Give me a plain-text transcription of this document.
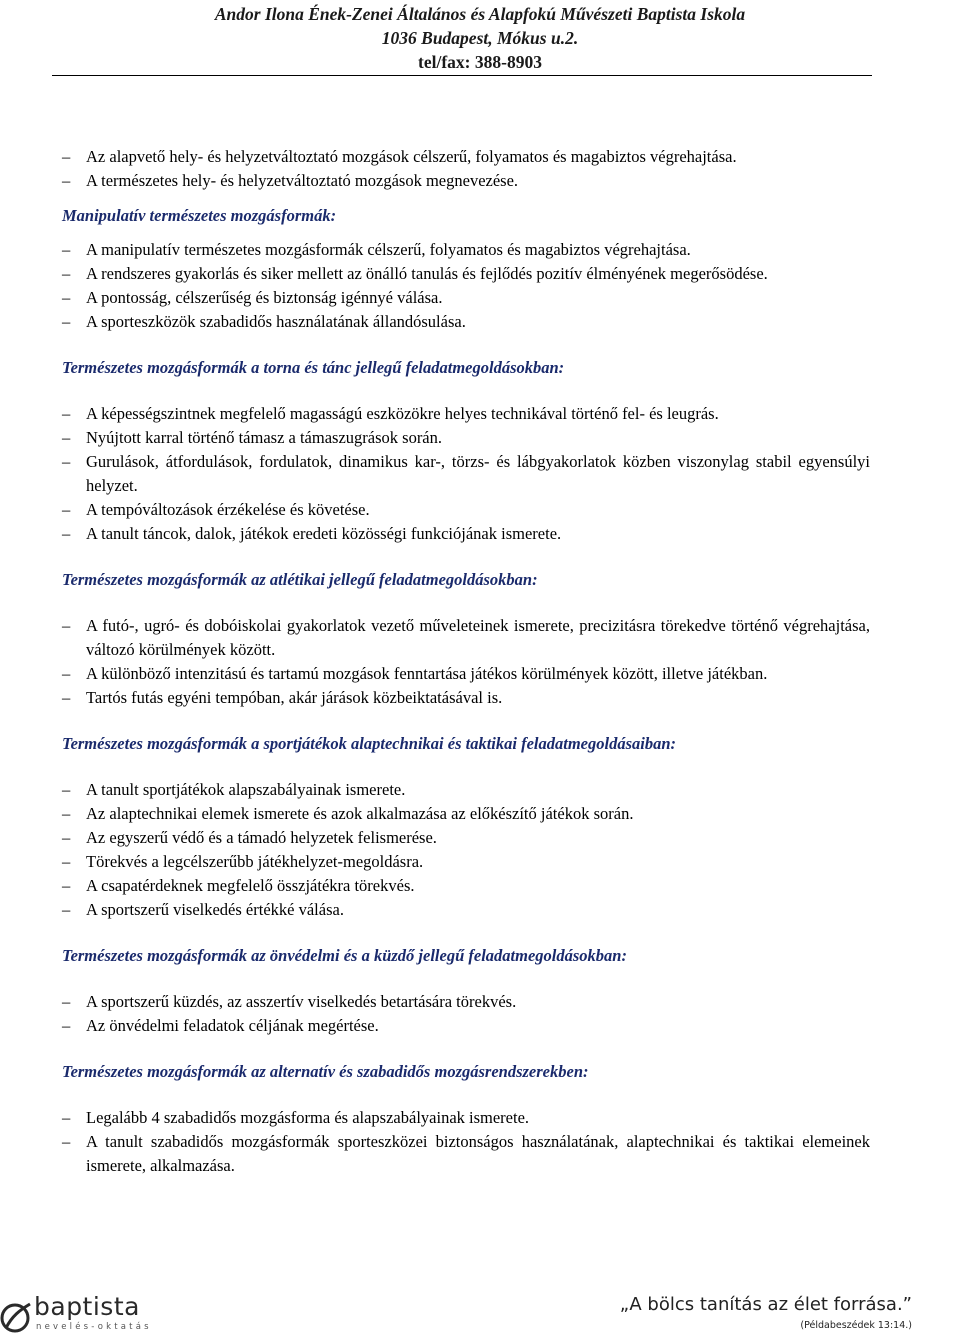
Andor Ilona Ének-Zenei Általános és Alapfokú Művészeti Baptista Iskola

1036 Budapest, Mókus u.2.

tel/fax: 388-8903

– Az alapvető hely- és helyzetváltoztató mozgások célszerű, folyamatos és magabiztos végrehajtása.
– A természetes hely- és helyzetváltoztató mozgások megnevezése.

Manipulatív természetes mozgásformák:

– A manipulatív természetes mozgásformák célszerű, folyamatos és magabiztos végrehajtása.
– A rendszeres gyakorlás és siker mellett az önálló tanulás és fejlődés pozitív élményének megerősödése.
– A pontosság, célszerűség és biztonság igénnyé válása.
– A sporteszközök szabadidős használatának állandósulása.

Természetes mozgásformák a torna és tánc jellegű feladatmegoldásokban:

– A képességszintnek megfelelő magasságú eszközökre helyes technikával történő fel- és leugrás.
– Nyújtott karral történő támasz a támaszugrások során.
– Gurulások, átfordulások, fordulatok, dinamikus kar-, törzs- és lábgyakorlatok közben viszonylag stabil egyensúlyi helyzet.
– A tempóváltozások érzékelése és követése.
– A tanult táncok, dalok, játékok eredeti közösségi funkciójának ismerete.

Természetes mozgásformák az atlétikai jellegű feladatmegoldásokban:

– A futó-, ugró- és dobóiskolai gyakorlatok vezető műveleteinek ismerete, precizitásra törekedve történő végrehajtása, változó körülmények között.
– A különböző intenzitású és tartamú mozgások fenntartása játékos körülmények között, illetve játékban.
– Tartós futás egyéni tempóban, akár járások közbeiktatásával is.

Természetes mozgásformák a sportjátékok alaptechnikai és taktikai feladatmegoldásaiban:

– A tanult sportjátékok alapszabályainak ismerete.
– Az alaptechnikai elemek ismerete és azok alkalmazása az előkészítő játékok során.
– Az egyszerű védő és a támadó helyzetek felismerése.
– Törekvés a legcélszerűbb játékhelyzet-megoldásra.
– A csapatérdeknek megfelelő összjátékra törekvés.
– A sportszerű viselkedés értékké válása.

Természetes mozgásformák az önvédelmi és a küzdő jellegű feladatmegoldásokban:

– A sportszerű küzdés, az asszertív viselkedés betartására törekvés.
– Az önvédelmi feladatok céljának megértése.

Természetes mozgásformák az alternatív és szabadidős mozgásrendszerekben:

– Legalább 4 szabadidős mozgásforma és alapszabályainak ismerete.
– A tanult szabadidős mozgásformák sporteszközei biztonságos használatának, alaptechnikai és taktikai elemeinek ismerete, alkalmazása.
baptista
nevelés-oktatás
„A bölcs tanítás az élet forrása.”
(Példabeszédek 13:14.)
